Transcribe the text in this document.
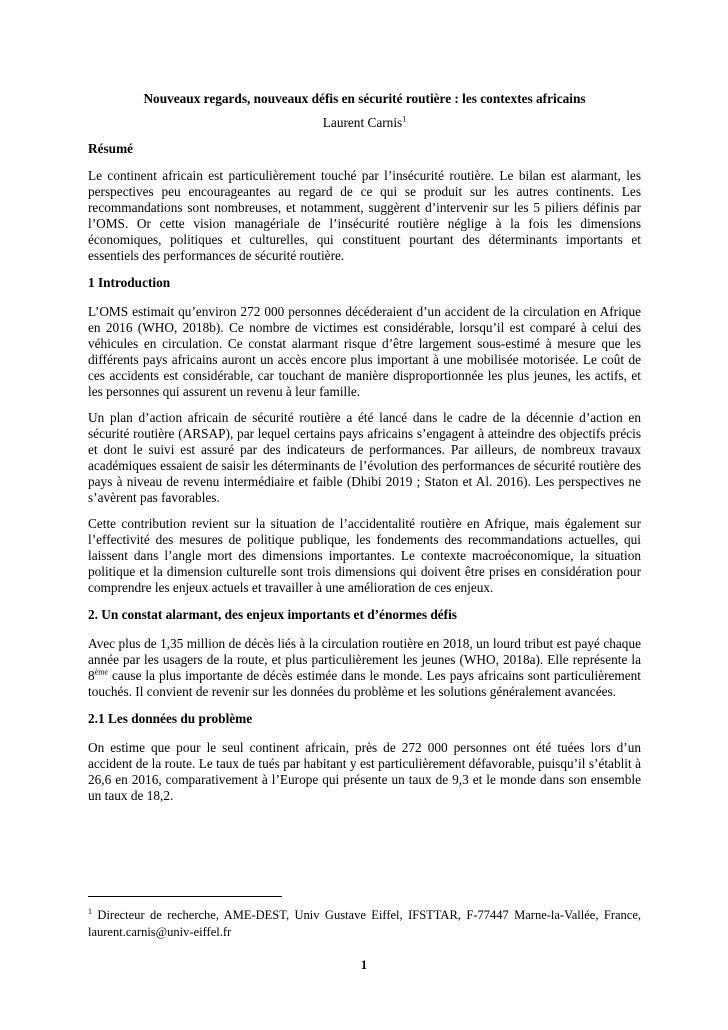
Nouveaux regards, nouveaux défis en sécurité routière : les contextes africains

Laurent Carnis$^1$

Résumé

Le continent africain est particulièrement touché par l’insécurité routière. Le bilan est alarmant, les perspectives peu encourageantes au regard de ce qui se produit sur les autres continents. Les recommandations sont nombreuses, et notamment, suggèrent d’intervenir sur les 5 piliers définis par l’OMS. Or cette vision managériale de l’insécurité routière néglige à la fois les dimensions économiques, politiques et culturelles, qui constituent pourtant des déterminants importants et essentiels des performances de sécurité routière.

1 Introduction

L’OMS estimait qu’environ 272 000 personnes décéderaient d’un accident de la circulation en Afrique en 2016 (WHO, 2018b). Ce nombre de victimes est considérable, lorsqu’il est comparé à celui des véhicules en circulation. Ce constat alarmant risque d’être largement sous-estimé à mesure que les différents pays africains auront un accès encore plus important à une mobilisée motorisée. Le coût de ces accidents est considérable, car touchant de manière disproportionnée les plus jeunes, les actifs, et les personnes qui assurent un revenu à leur famille.

Un plan d’action africain de sécurité routière a été lancé dans le cadre de la décennie d’action en sécurité routière (ARSAP), par lequel certains pays africains s’engagent à atteindre des objectifs précis et dont le suivi est assuré par des indicateurs de performances. Par ailleurs, de nombreux travaux académiques essaient de saisir les déterminants de l’évolution des performances de sécurité routière des pays à niveau de revenu intermédiaire et faible (Dhibi 2019 ; Staton et Al. 2016). Les perspectives ne s’avèrent pas favorables.

Cette contribution revient sur la situation de l’accidentalité routière en Afrique, mais également sur l’effectivité des mesures de politique publique, les fondements des recommandations actuelles, qui laissent dans l’angle mort des dimensions importantes. Le contexte macroéconomique, la situation politique et la dimension culturelle sont trois dimensions qui doivent être prises en considération pour comprendre les enjeux actuels et travailler à une amélioration de ces enjeux.

2. Un constat alarmant, des enjeux importants et d’énormes défis

Avec plus de 1,35 million de décès liés à la circulation routière en 2018, un lourd tribut est payé chaque année par les usagers de la route, et plus particulièrement les jeunes (WHO, 2018a). Elle représente la 8ème cause la plus importante de décès estimée dans le monde. Les pays africains sont particulièrement touchés. Il convient de revenir sur les données du problème et les solutions généralement avancées.

2.1 Les données du problème

On estime que pour le seul continent africain, près de 272 000 personnes ont été tuées lors d’un accident de la route. Le taux de tués par habitant y est particulièrement défavorable, puisqu’il s’établit à 26,6 en 2016, comparativement à l’Europe qui présente un taux de 9,3 et le monde dans son ensemble un taux de 18,2.

$^1$ Directeur de recherche, AME-DEST, Univ Gustave Eiffel, IFSTTAR, F-77447 Marne-la-Vallée, France, laurent.carnis@univ-eiffel.fr

1
